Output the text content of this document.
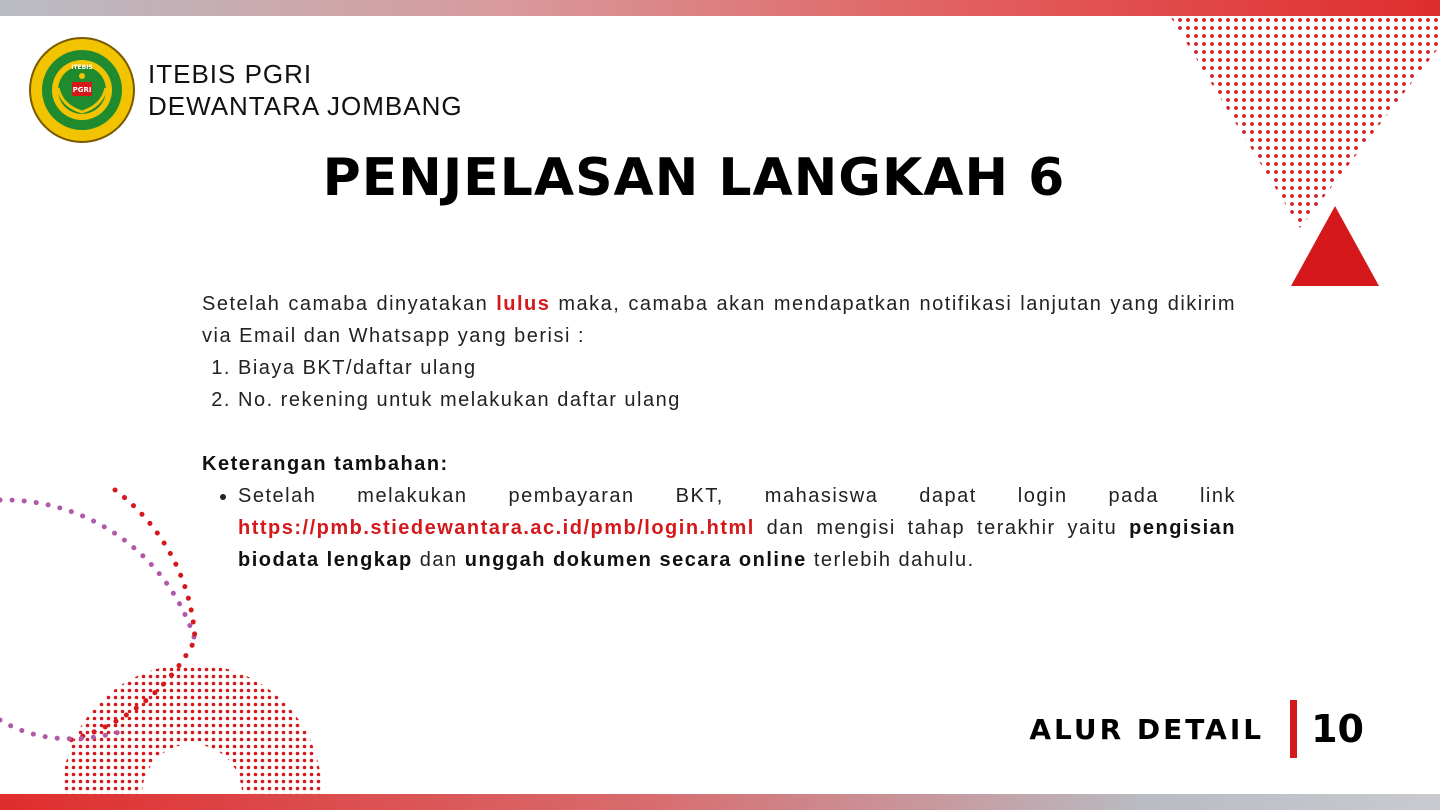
PGRI
ITEBIS ITEBIS PGRI
DEWANTARA JOMBANG
PENJELASAN LANGKAH 6

Setelah camaba dinyatakan lulus maka, camaba akan mendapatkan notifikasi lanjutan yang dikirim via Email dan Whatsapp yang berisi :

1. Biaya BKT/daftar ulang
2. No. rekening untuk melakukan daftar ulang
Keterangan tambahan:
• Setelah melakukan pembayaran BKT, mahasiswa dapat login pada link https://pmb.stiedewantara.ac.id/pmb/login.html dan mengisi tahap terakhir yaitu pengisian biodata lengkap dan unggah dokumen secara online terlebih dahulu.
ALUR DETAIL 10
